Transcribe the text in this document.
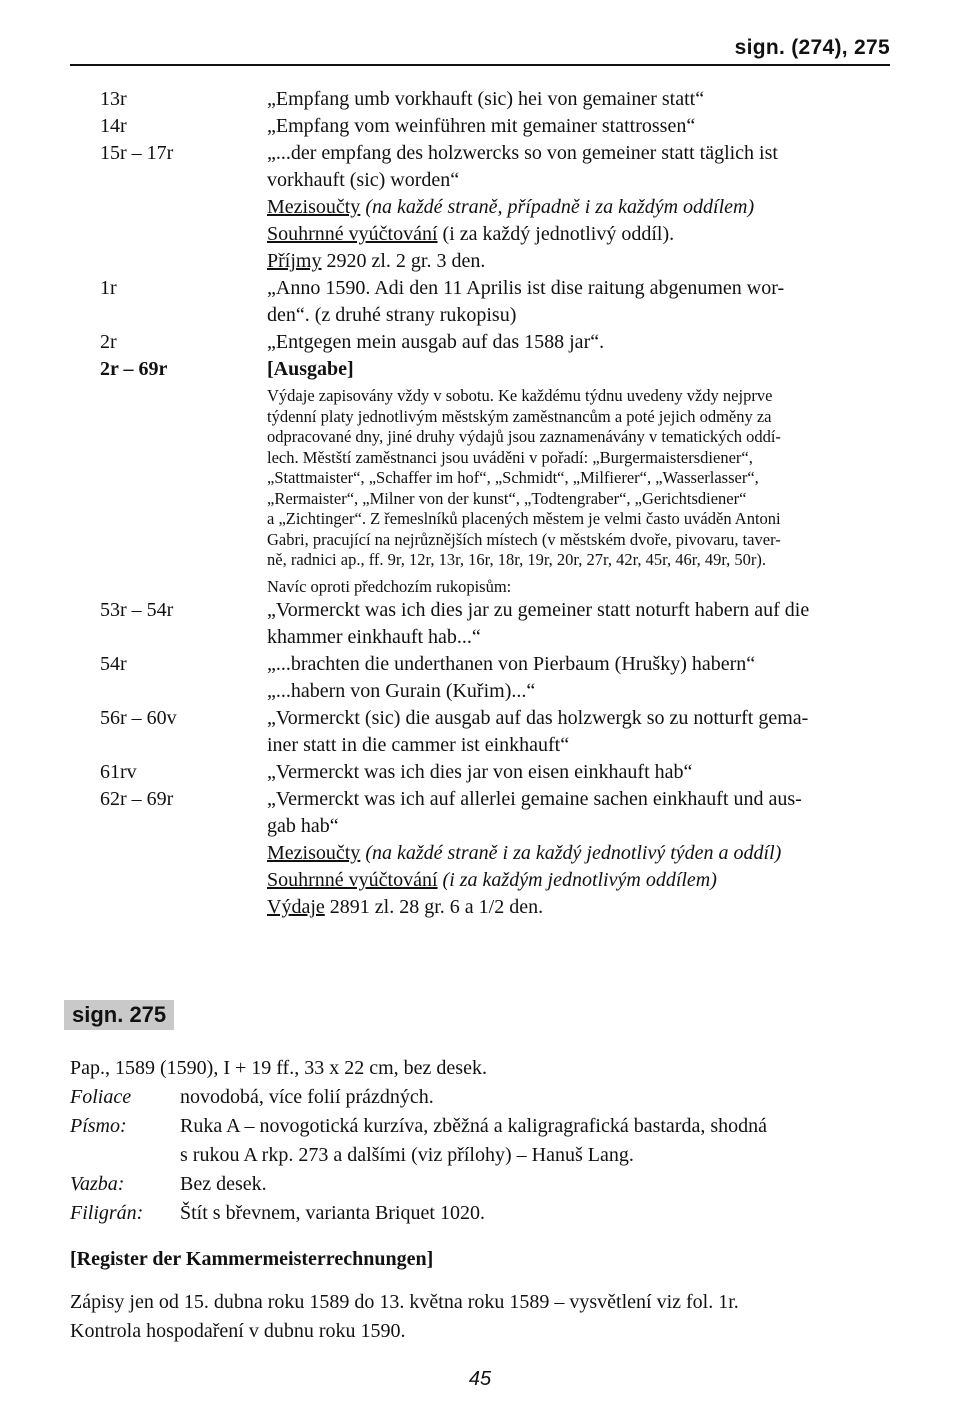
sign. (274), 275
13r	„Empfang umb vorkhauft (sic) hei von gemainer statt“
14r	„Empfang vom weinführen mit gemainer stattrossen“
15r – 17r	„...der empfang des holzwercks so von gemeiner statt täglich ist
vorkhauft (sic) worden“
Mezisoučty (na každé straně, případně i za každým oddílem)
Souhrnné vyúčtování (i za každý jednotlivý oddíl).
Příjmy 2920 zl. 2 gr. 3 den.
1r	„Anno 1590. Adi den 11 Aprilis ist dise raitung abgenumen wor-
den“. (z druhé strany rukopisu)
2r	„Entgegen mein ausgab auf das 1588 jar“.
2r – 69r	[Ausgabe]
Výdaje zapisovány vždy v sobotu. Ke každému týdnu uvedeny vždy nejprve
týdenní platy jednotlivým městským zaměstnancům a poté jejich odměny za
odpracované dny, jiné druhy výdajů jsou zaznamenávány v tematických oddí-
lech. Městští zaměstnanci jsou uváděni v pořadí: „Burgermaistersdiener“,
„Stattmaister“, „Schaffer im hof“, „Schmidt“, „Milfierer“, „Wasserlasser“,
„Rermaister“, „Milner von der kunst“, „Todtengraber“, „Gerichtsdiener“
a „Zichtinger“. Z řemeslníků placených městem je velmi často uváděn Antoni
Gabri, pracující na nejrůznějších místech (v městském dvoře, pivovaru, taver-
ně, radnici ap., ff. 9r, 12r, 13r, 16r, 18r, 19r, 20r, 27r, 42r, 45r, 46r, 49r, 50r).
Navíc oproti předchozím rukopisům:
53r – 54r	„Vormerckt was ich dies jar zu gemeiner statt noturft habern auf die
khammer einkhauft hab...“
54r	„...brachten die underthanen von Pierbaum (Hrušky) habern“
„...habern von Gurain (Kuřim)...“
56r – 60v	„Vormerckt (sic) die ausgab auf das holzwergk so zu notturft gema-
iner statt in die cammer ist einkhauft“
61rv	„Vermerckt was ich dies jar von eisen einkhauft hab“
62r – 69r	„Vermerckt was ich auf allerlei gemaine sachen einkhauft und aus-
gab hab“
Mezisoučty (na každé straně i za každý jednotlivý týden a oddíl)
Souhrnné vyúčtování (i za každým jednotlivým oddílem)
Výdaje 2891 zl. 28 gr. 6 a 1/2 den.
sign. 275
Pap., 1589 (1590), I + 19 ff., 33 x 22 cm, bez desek.
Foliace	novodobá, více folií prázdných.
Písmo:	Ruka A – novogotická kurzíva, zběžná a kaligragrafická bastarda, shodná
s rukou A rkp. 273 a dalšími (viz přílohy) – Hanuš Lang.
Vazba:	Bez desek.
Filigrán:	Štít s břevnem, varianta Briquet 1020.
[Register der Kammermeisterrechnungen]
Zápisy jen od 15. dubna roku 1589 do 13. května roku 1589 – vysvětlení viz fol. 1r.
Kontrola hospodaření v dubnu roku 1590.
45
